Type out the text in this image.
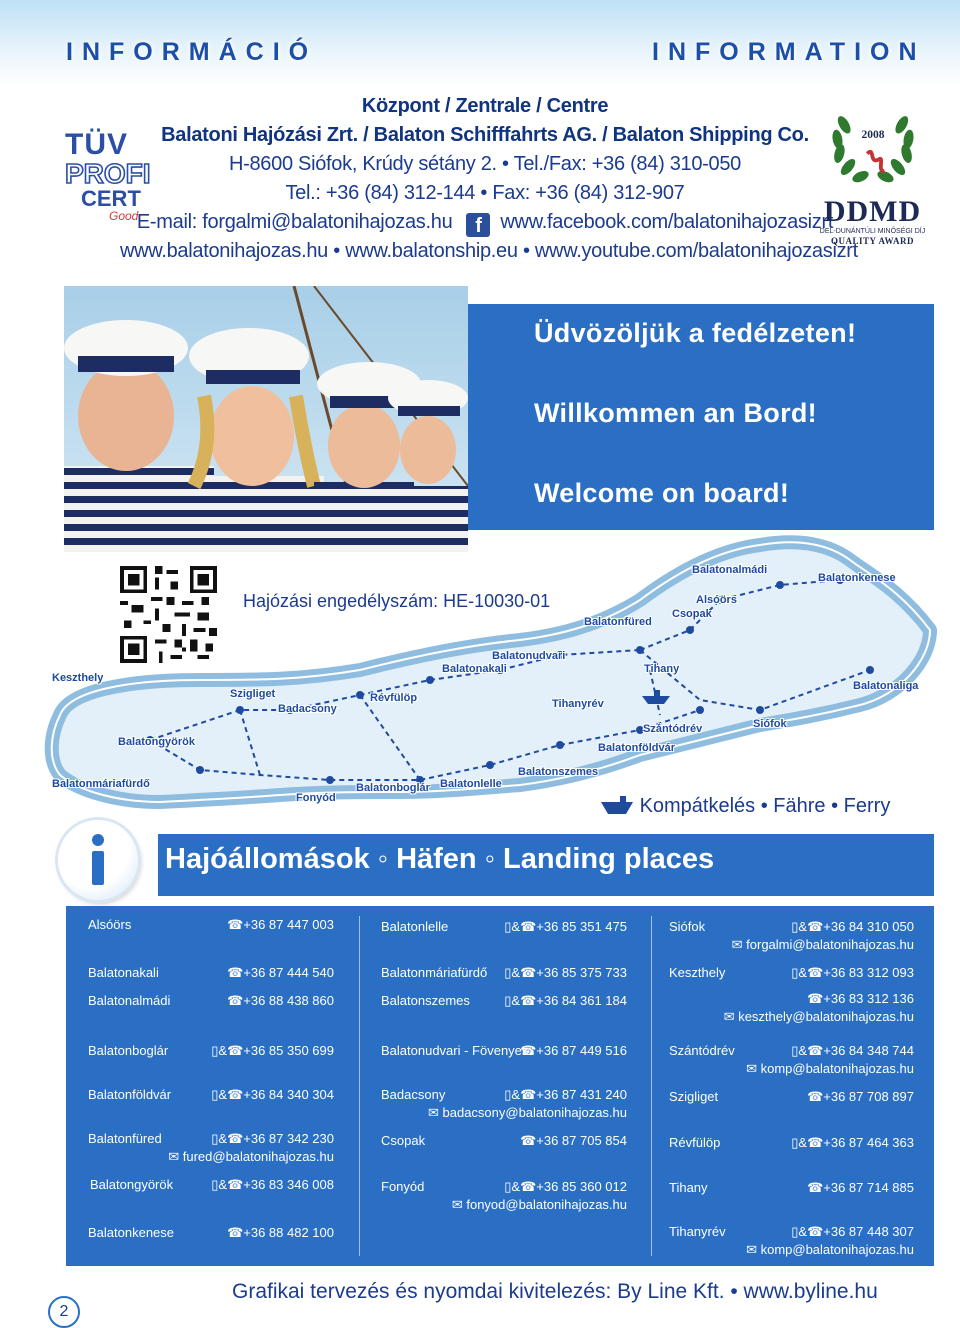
INFORMÁCIÓ	INFORMATION
TÜV
PROFI
CERT
Good
Központ / Zentrale / Centre
Balatoni Hajózási Zrt. / Balaton Schifffahrts AG. / Balaton Shipping Co.
H-8600 Siófok, Krúdy sétány 2. • Tel./Fax: +36 (84) 310-050
Tel.: +36 (84) 312-144 • Fax: +36 (84) 312-907
E-mail: forgalmi@balatonihajozas.hu f www.facebook.com/balatonihajozasizrt
www.balatonihajozas.hu • www.balatonship.eu • www.youtube.com/balatonihajozasizrt
2008
DDMD
DEL-DUNÁNTÚLI MINŐSÉGI DÍJ
QUALITY AWARD
Üdvözöljük a fedélzeten!
Willkommen an Bord!
Welcome on board!
Hajózási engedélyszám: HE-10030-01
Keszthely
Szigliget
Badacsony
Révfülöp
Balatongyörök
Balatonmáriafürdő
Fonyód
Balatonboglár Balatonlelle
Balatonszemes
Balatonföldvár
Szántódrév	Siófok
Balatonaliga
Tihanyrév
Tihany
Balatonudvari
Balatonakali
Balatonfüred
Csopak
Alsóörs
Balatonalmádi
Balatonkenese
Kompátkelés • Fähre • Ferry
Hajóállomások ◦ Häfen ◦ Landing places
Alsóörs	☎+36 87 447 003
Balatonakali	☎+36 87 444 540
Balatonalmádi	☎+36 88 438 860
Balatonboglár	▯&☎+36 85 350 699
Balatonföldvár	▯&☎+36 84 340 304
Balatonfüred	▯&☎+36 87 342 230
✉ fured@balatonihajozas.hu
Balatongyörök	▯&☎+36 83 346 008
Balatonkenese	☎+36 88 482 100
Balatonlelle	▯&☎+36 85 351 475
Balatonmáriafürdő ▯&☎+36 85 375 733
Balatonszemes	▯&☎+36 84 361 184
Balatonudvari - Fövenyes
☎+36 87 449 516
Badacsony	▯&☎+36 87 431 240
✉ badacsony@balatonihajozas.hu
Csopak	☎+36 87 705 854
Fonyód	▯&☎+36 85 360 012
✉ fonyod@balatonihajozas.hu
Siófok	▯&☎+36 84 310 050
✉ forgalmi@balatonihajozas.hu
Keszthely	▯&☎+36 83 312 093
☎+36 83 312 136
✉ keszthely@balatonihajozas.hu
Szántódrév	▯&☎+36 84 348 744
✉ komp@balatonihajozas.hu
Szigliget	☎+36 87 708 897
Révfülöp	▯&☎+36 87 464 363
Tihany	☎+36 87 714 885
Tihanyrév	▯&☎+36 87 448 307
✉ komp@balatonihajozas.hu
2
Grafikai tervezés és nyomdai kivitelezés: By Line Kft. • www.byline.hu
